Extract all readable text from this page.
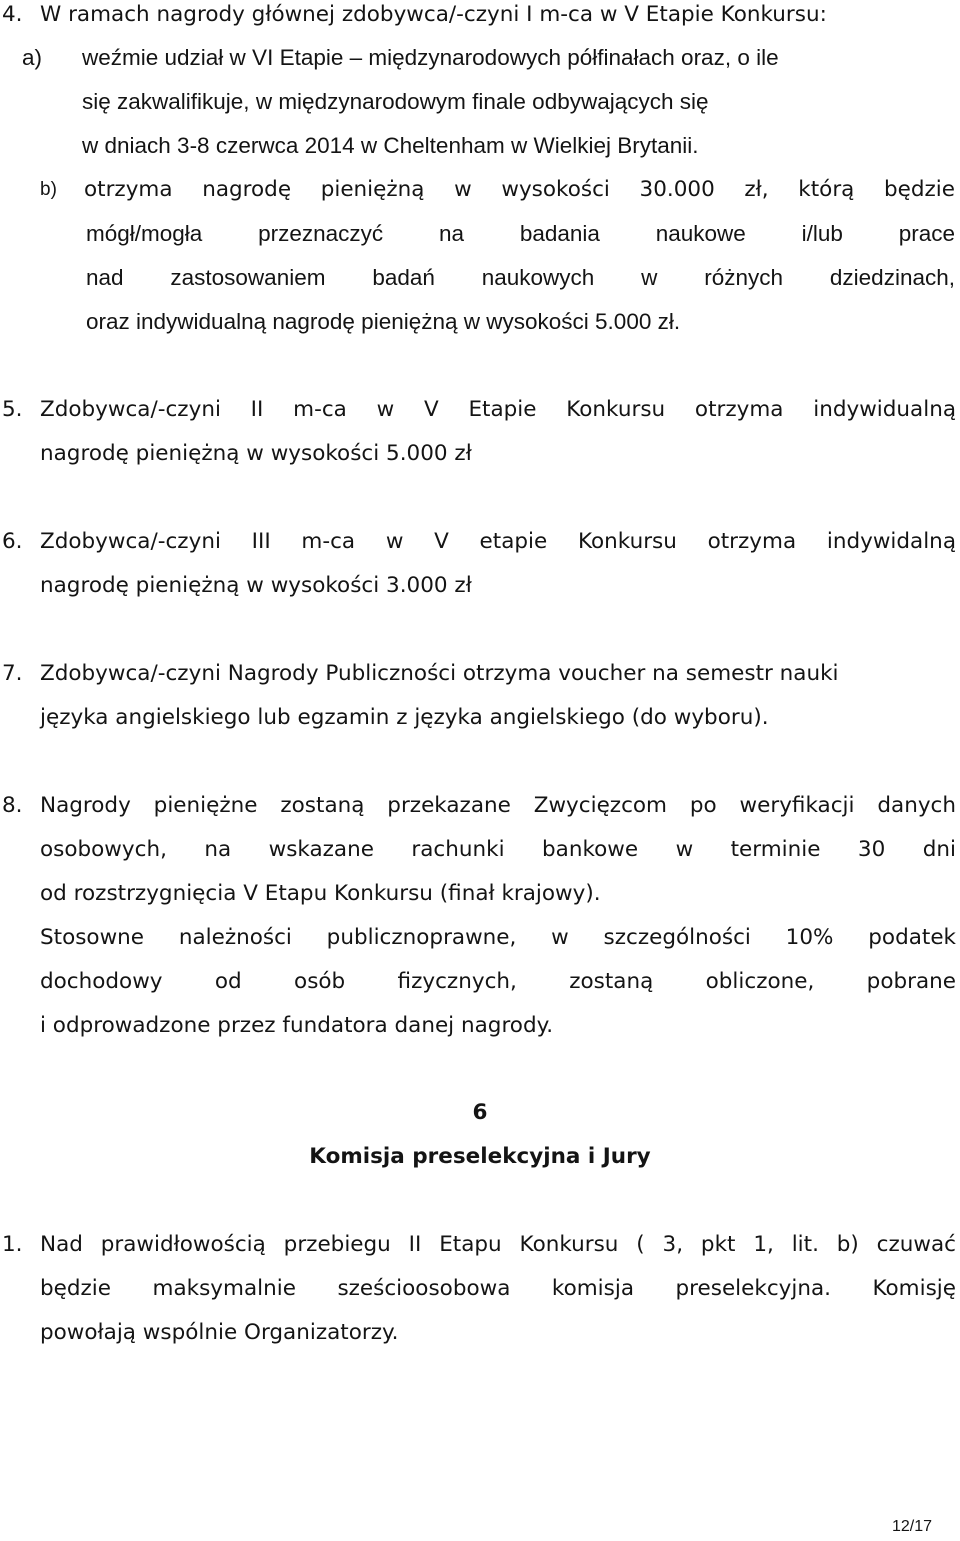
4. W ramach nagrody głównej zdobywca/-czyni I m-ca w V Etapie Konkursu:
a) weźmie udział w VI Etapie – międzynarodowych półfinałach oraz, o ile
się zakwalifikuje, w międzynarodowym finale odbywających się
w dniach 3-8 czerwca 2014 w Cheltenham w Wielkiej Brytanii.
b) otrzyma nagrodę pieniężną w wysokości 30.000 zł, którą będzie
mógł/mogła przeznaczyć na badania naukowe i/lub prace
nad zastosowaniem badań naukowych w różnych dziedzinach,
oraz indywidualną nagrodę pieniężną w wysokości 5.000 zł.
5. Zdobywca/-czyni II m-ca w V Etapie Konkursu otrzyma indywidualną
nagrodę pieniężną w wysokości 5.000 zł
6. Zdobywca/-czyni III m-ca w V etapie Konkursu otrzyma indywidalną
nagrodę pieniężną w wysokości 3.000 zł
7. Zdobywca/-czyni Nagrody Publiczności otrzyma voucher na semestr nauki
języka angielskiego lub egzamin z języka angielskiego (do wyboru).
8. Nagrody pieniężne zostaną przekazane Zwycięzcom po weryfikacji danych
osobowych, na wskazane rachunki bankowe w terminie 30 dni
od rozstrzygnięcia V Etapu Konkursu (finał krajowy).
Stosowne należności publicznoprawne, w szczególności 10% podatek
dochodowy od osób fizycznych, zostaną obliczone, pobrane
i odprowadzone przez fundatora danej nagrody.
6
Komisja preselekcyjna i Jury
1. Nad prawidłowością przebiegu II Etapu Konkursu ( 3, pkt 1, lit. b) czuwać
będzie maksymalnie sześcioosobowa komisja preselekcyjna. Komisję
powołają wspólnie Organizatorzy.
12/17
